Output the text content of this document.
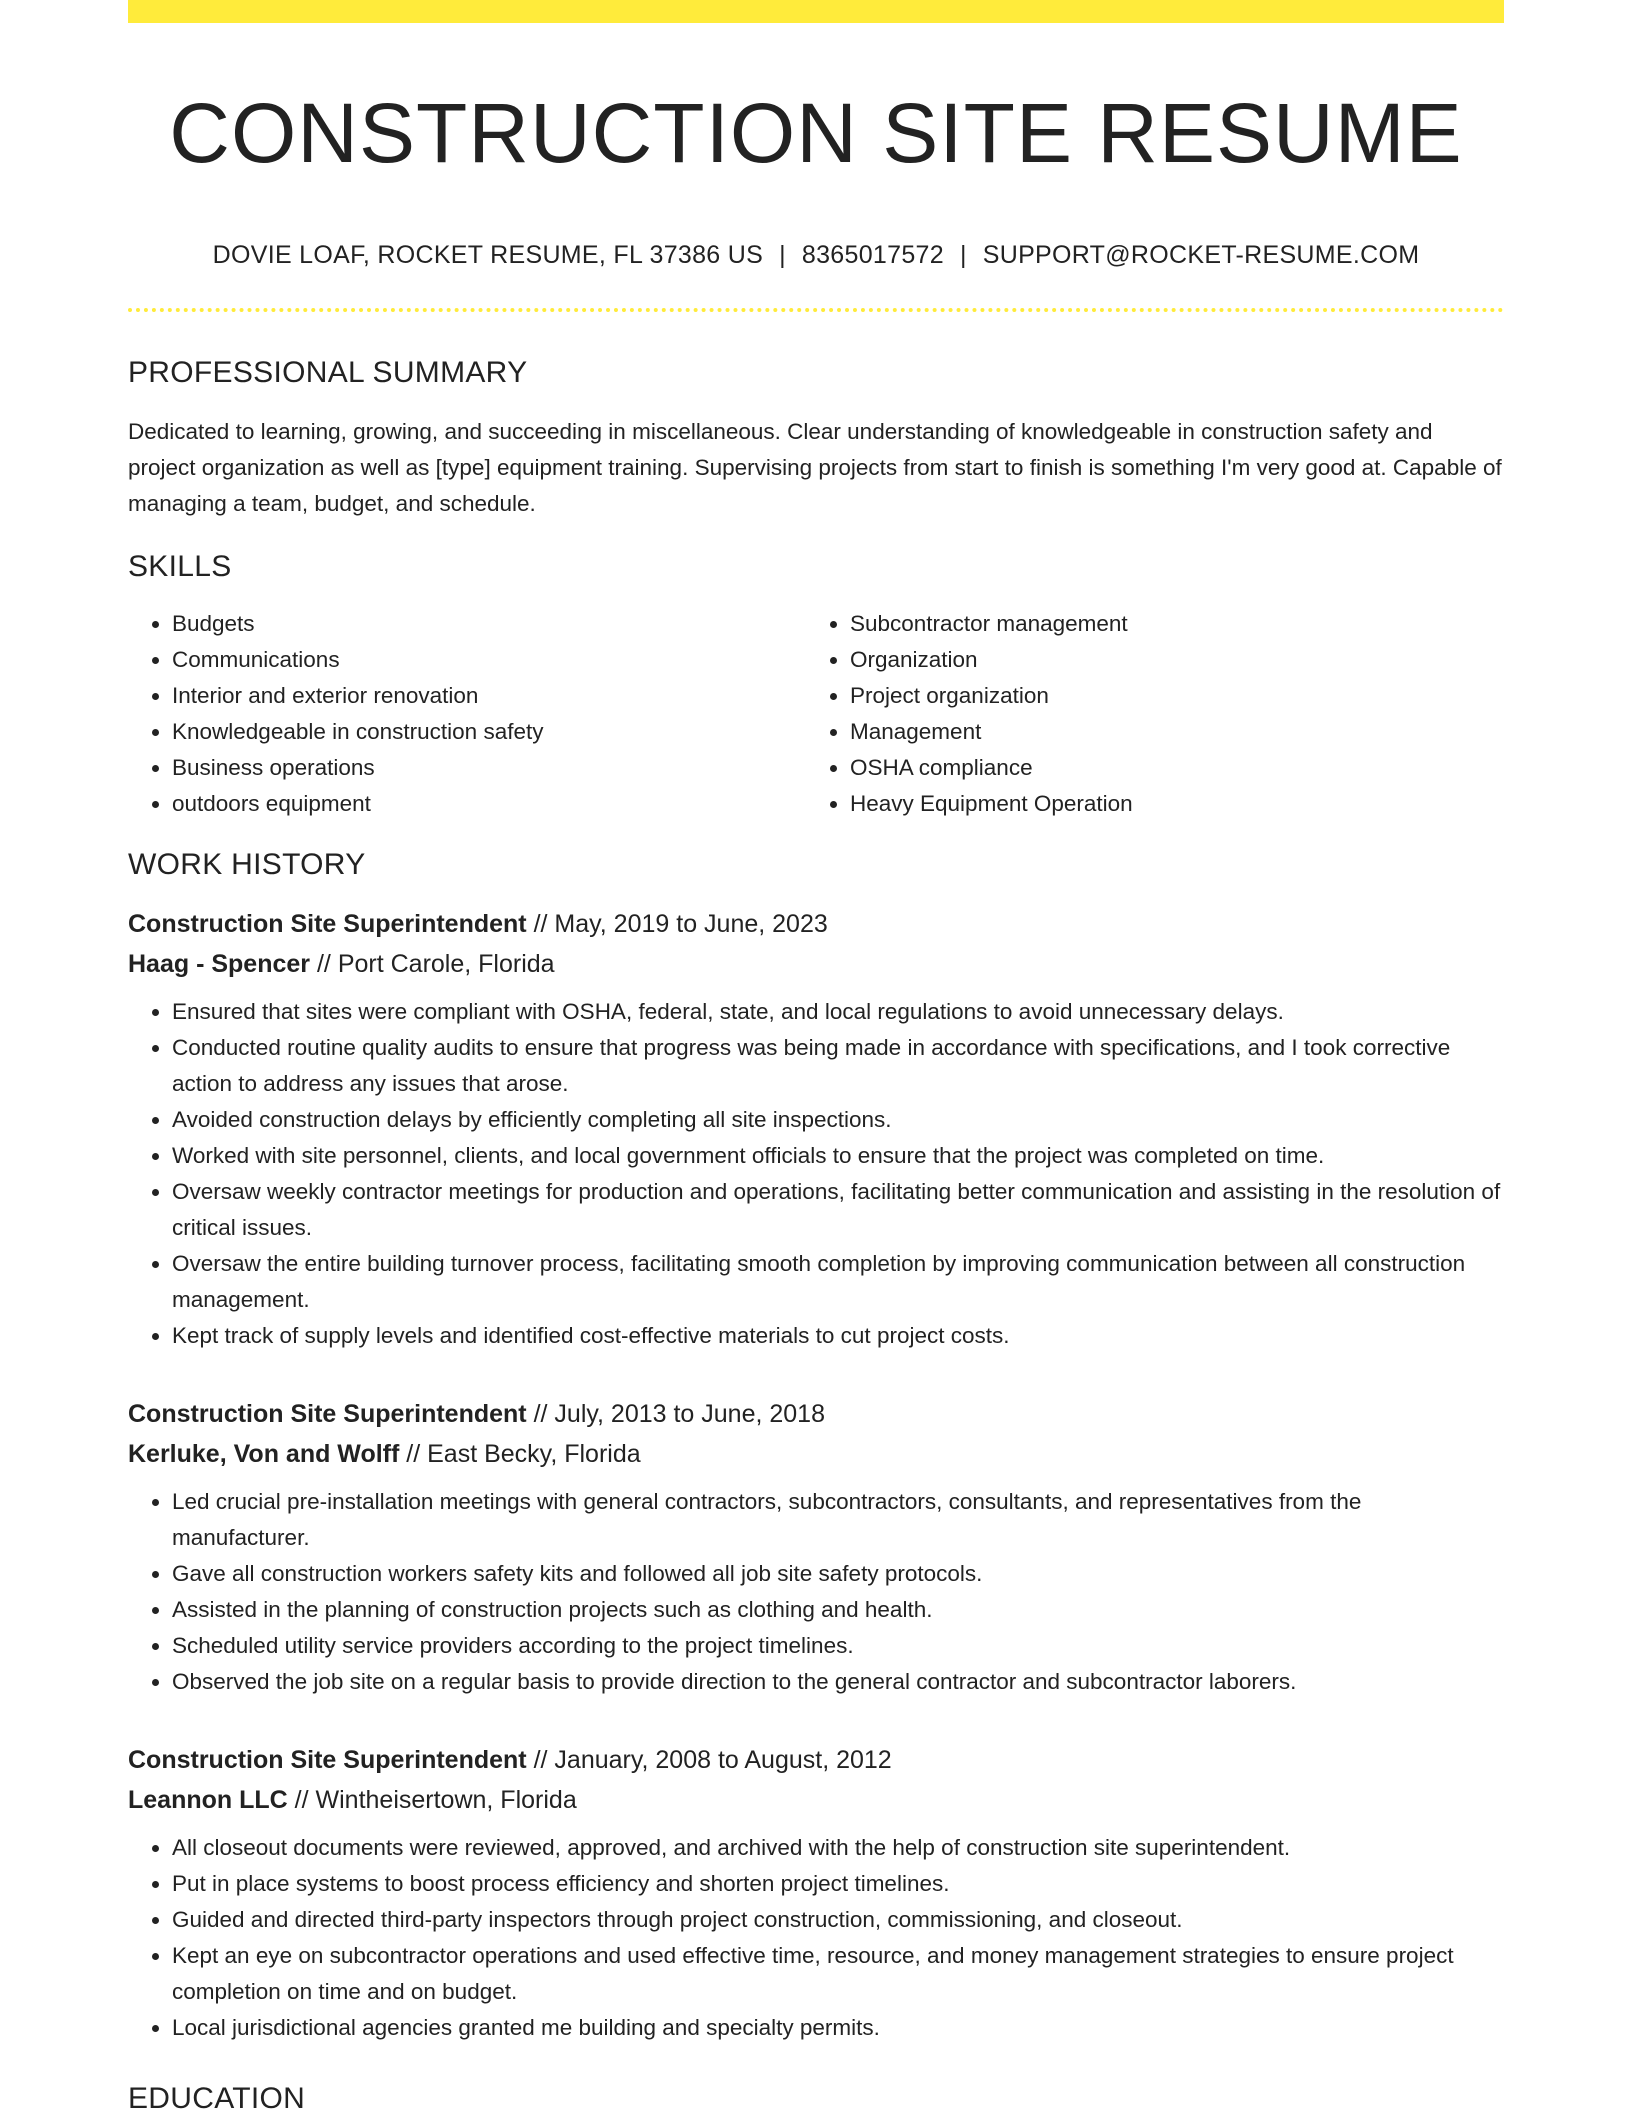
CONSTRUCTION SITE RESUME
DOVIE LOAF, ROCKET RESUME, FL 37386 US | 8365017572 | SUPPORT@ROCKET-RESUME.COM
PROFESSIONAL SUMMARY

Dedicated to learning, growing, and succeeding in miscellaneous. Clear understanding of knowledgeable in construction safety and project organization as well as [type] equipment training. Supervising projects from start to finish is something I'm very good at. Capable of managing a team, budget, and schedule.

SKILLS
• Budgets
• Communications
• Interior and exterior renovation
• Knowledgeable in construction safety
• Business operations
• outdoors equipment
• Subcontractor management
• Organization
• Project organization
• Management
• OSHA compliance
• Heavy Equipment Operation
WORK HISTORY
Construction Site Superintendent // May, 2019 to June, 2023
Haag - Spencer // Port Carole, Florida
• Ensured that sites were compliant with OSHA, federal, state, and local regulations to avoid unnecessary delays.
• Conducted routine quality audits to ensure that progress was being made in accordance with specifications, and I took corrective action to address any issues that arose.
• Avoided construction delays by efficiently completing all site inspections.
• Worked with site personnel, clients, and local government officials to ensure that the project was completed on time.
• Oversaw weekly contractor meetings for production and operations, facilitating better communication and assisting in the resolution of critical issues.
• Oversaw the entire building turnover process, facilitating smooth completion by improving communication between all construction management.
• Kept track of supply levels and identified cost-effective materials to cut project costs.
Construction Site Superintendent // July, 2013 to June, 2018
Kerluke, Von and Wolff // East Becky, Florida
• Led crucial pre-installation meetings with general contractors, subcontractors, consultants, and representatives from the manufacturer.
• Gave all construction workers safety kits and followed all job site safety protocols.
• Assisted in the planning of construction projects such as clothing and health.
• Scheduled utility service providers according to the project timelines.
• Observed the job site on a regular basis to provide direction to the general contractor and subcontractor laborers.
Construction Site Superintendent // January, 2008 to August, 2012
Leannon LLC // Wintheisertown, Florida
• All closeout documents were reviewed, approved, and archived with the help of construction site superintendent.
• Put in place systems to boost process efficiency and shorten project timelines.
• Guided and directed third-party inspectors through project construction, commissioning, and closeout.
• Kept an eye on subcontractor operations and used effective time, resource, and money management strategies to ensure project completion on time and on budget.
• Local jurisdictional agencies granted me building and specialty permits.
EDUCATION
